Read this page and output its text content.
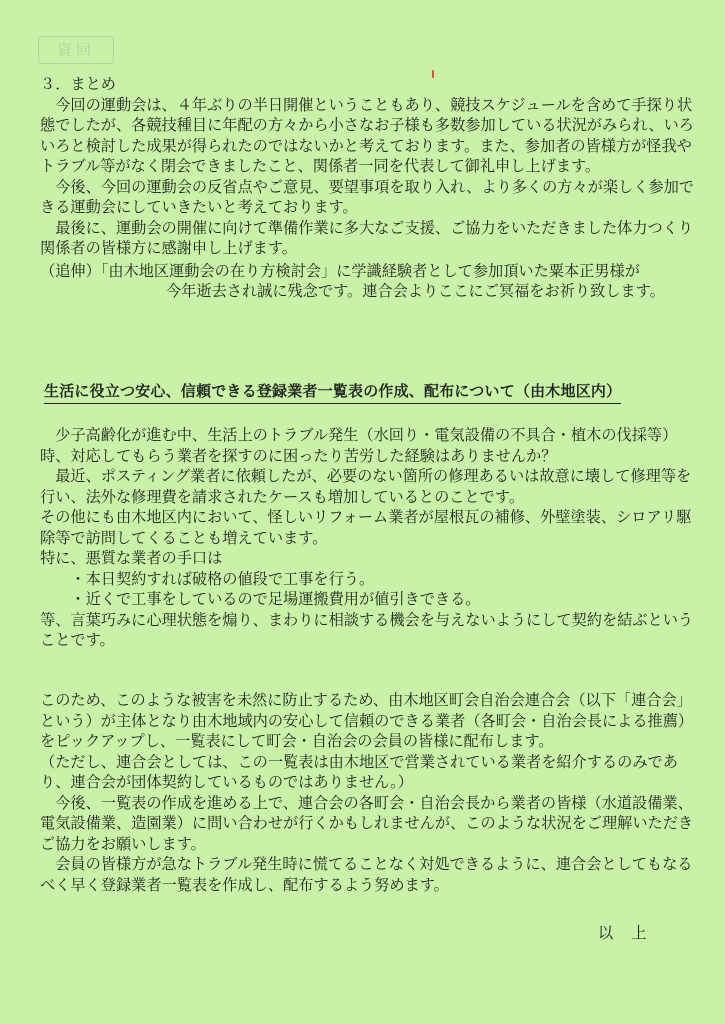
資回

３．まとめ

今回の運動会は、４年ぶりの半日開催ということもあり、競技スケジュールを含めて手探り状態でしたが、各競技種目に年配の方々から小さなお子様も多数参加している状況がみられ、いろいろと検討した成果が得られたのではないかと考えております。また、参加者の皆様方が怪我やトラブル等がなく閉会できましたこと、関係者一同を代表して御礼申し上げます。

今後、今回の運動会の反省点やご意見、要望事項を取り入れ、より多くの方々が楽しく参加できる運動会にしていきたいと考えております。

最後に、運動会の開催に向けて準備作業に多大なご支援、ご協力をいただきました体力つくり関係者の皆様方に感謝申し上げます。

（追伸）「由木地区運動会の在り方検討会」に学識経験者として参加頂いた粟本正男様が

今年逝去され誠に残念です。連合会よりここにご冥福をお祈り致します。

生活に役立つ安心、信頼できる登録業者一覧表の作成、配布について（由木地区内）

少子高齢化が進む中、生活上のトラブル発生（水回り・電気設備の不具合・植木の伐採等）時、対応してもらう業者を探すのに困ったり苦労した経験はありませんか？

最近、ポスティング業者に依頼したが、必要のない箇所の修理あるいは故意に壊して修理等を行い、法外な修理費を請求されたケースも増加しているとのことです。

その他にも由木地区内において、怪しいリフォーム業者が屋根瓦の補修、外壁塗装、シロアリ駆除等で訪問してくることも増えています。

特に、悪質な業者の手口は

・本日契約すれば破格の値段で工事を行う。

・近くで工事をしているので足場運搬費用が値引きできる。

等、言葉巧みに心理状態を煽り、まわりに相談する機会を与えないようにして契約を結ぶということです。

このため、このような被害を未然に防止するため、由木地区町会自治会連合会（以下「連合会」という）が主体となり由木地域内の安心して信頼のできる業者（各町会・自治会長による推薦）をピックアップし、一覧表にして町会・自治会の会員の皆様に配布します。

（ただし、連合会としては、この一覧表は由木地区で営業されている業者を紹介するのみであり、連合会が団体契約しているものではありません。）

今後、一覧表の作成を進める上で、連合会の各町会・自治会長から業者の皆様（水道設備業、電気設備業、造園業）に問い合わせが行くかもしれませんが、このような状況をご理解いただきご協力をお願いします。

会員の皆様方が急なトラブル発生時に慌てることなく対処できるように、連合会としてもなるべく早く登録業者一覧表を作成し、配布するよう努めます。

以上
